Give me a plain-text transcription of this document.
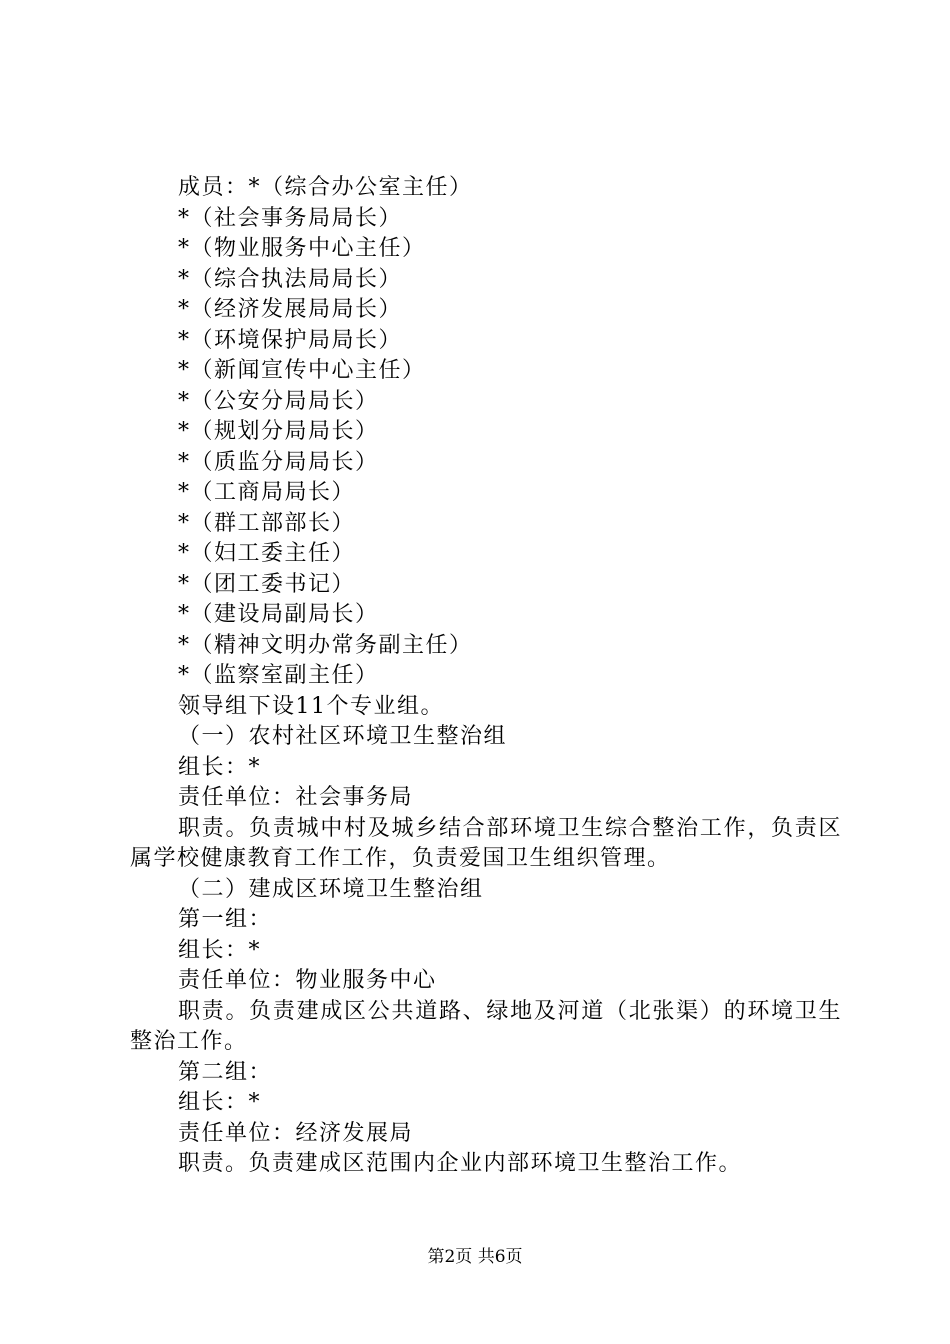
成员：*（综合办公室主任）
*（社会事务局局长）
*（物业服务中心主任）
*（综合执法局局长）
*（经济发展局局长）
*（环境保护局局长）
*（新闻宣传中心主任）
*（公安分局局长）
*（规划分局局长）
*（质监分局局长）
*（工商局局长）
*（群工部部长）
*（妇工委主任）
*（团工委书记）
*（建设局副局长）
*（精神文明办常务副主任）
*（监察室副主任）
领导组下设11个专业组。
（一）农村社区环境卫生整治组
组长：*
责任单位：社会事务局

职责。负责城中村及城乡结合部环境卫生综合整治工作，负责区属学校健康教育工作工作，负责爱国卫生组织管理。

（二）建成区环境卫生整治组
第一组：
组长：*
责任单位：物业服务中心

职责。负责建成区公共道路、绿地及河道（北张渠）的环境卫生整治工作。

第二组：
组长：*
责任单位：经济发展局
职责。负责建成区范围内企业内部环境卫生整治工作。
第2页 共6页
